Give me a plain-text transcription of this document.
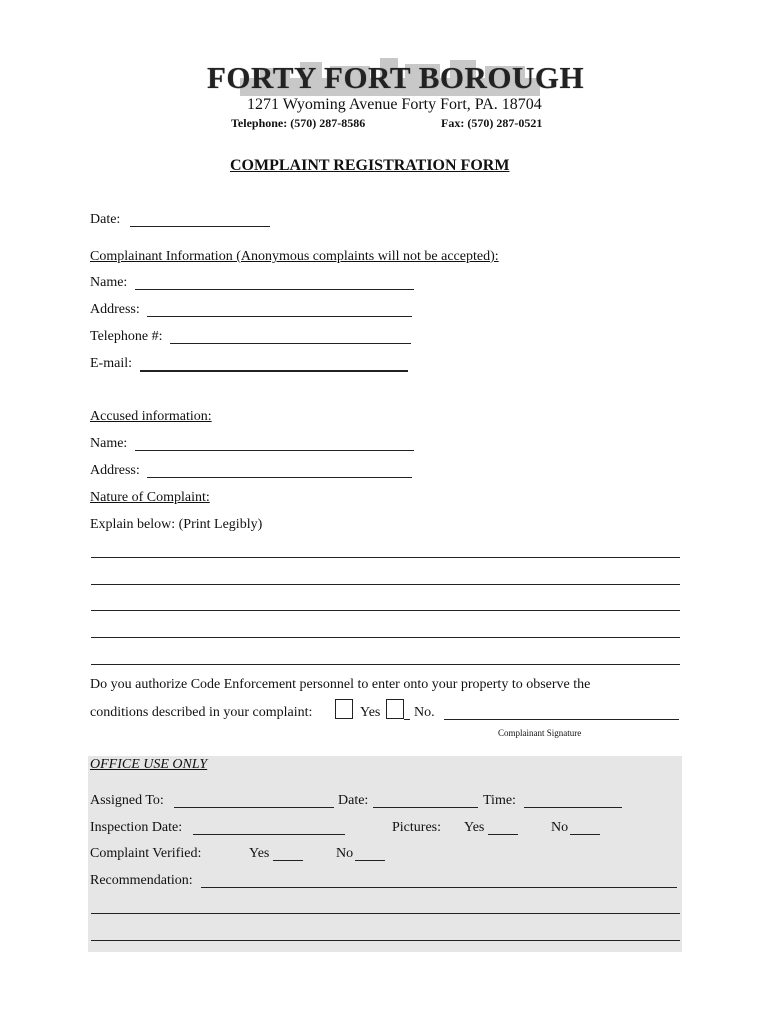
FORTY FORT BOROUGH
1271 Wyoming Avenue Forty Fort, PA. 18704
Telephone: (570) 287-8586	Fax: (570) 287-0521
COMPLAINT REGISTRATION FORM
Date:
Complainant Information (Anonymous complaints will not be accepted):
Name:
Address:
Telephone #:
E-mail:
Accused information:
Name:
Address:
Nature of Complaint:
Explain below: (Print Legibly)
Do you authorize Code Enforcement personnel to enter onto your property to observe the
conditions described in your complaint:	Yes No.
Complainant Signature
OFFICE USE ONLY
Assigned To:	Date:	Time:
Inspection Date:	Pictures: Yes	No
Complaint Verified:	Yes	No
Recommendation:
